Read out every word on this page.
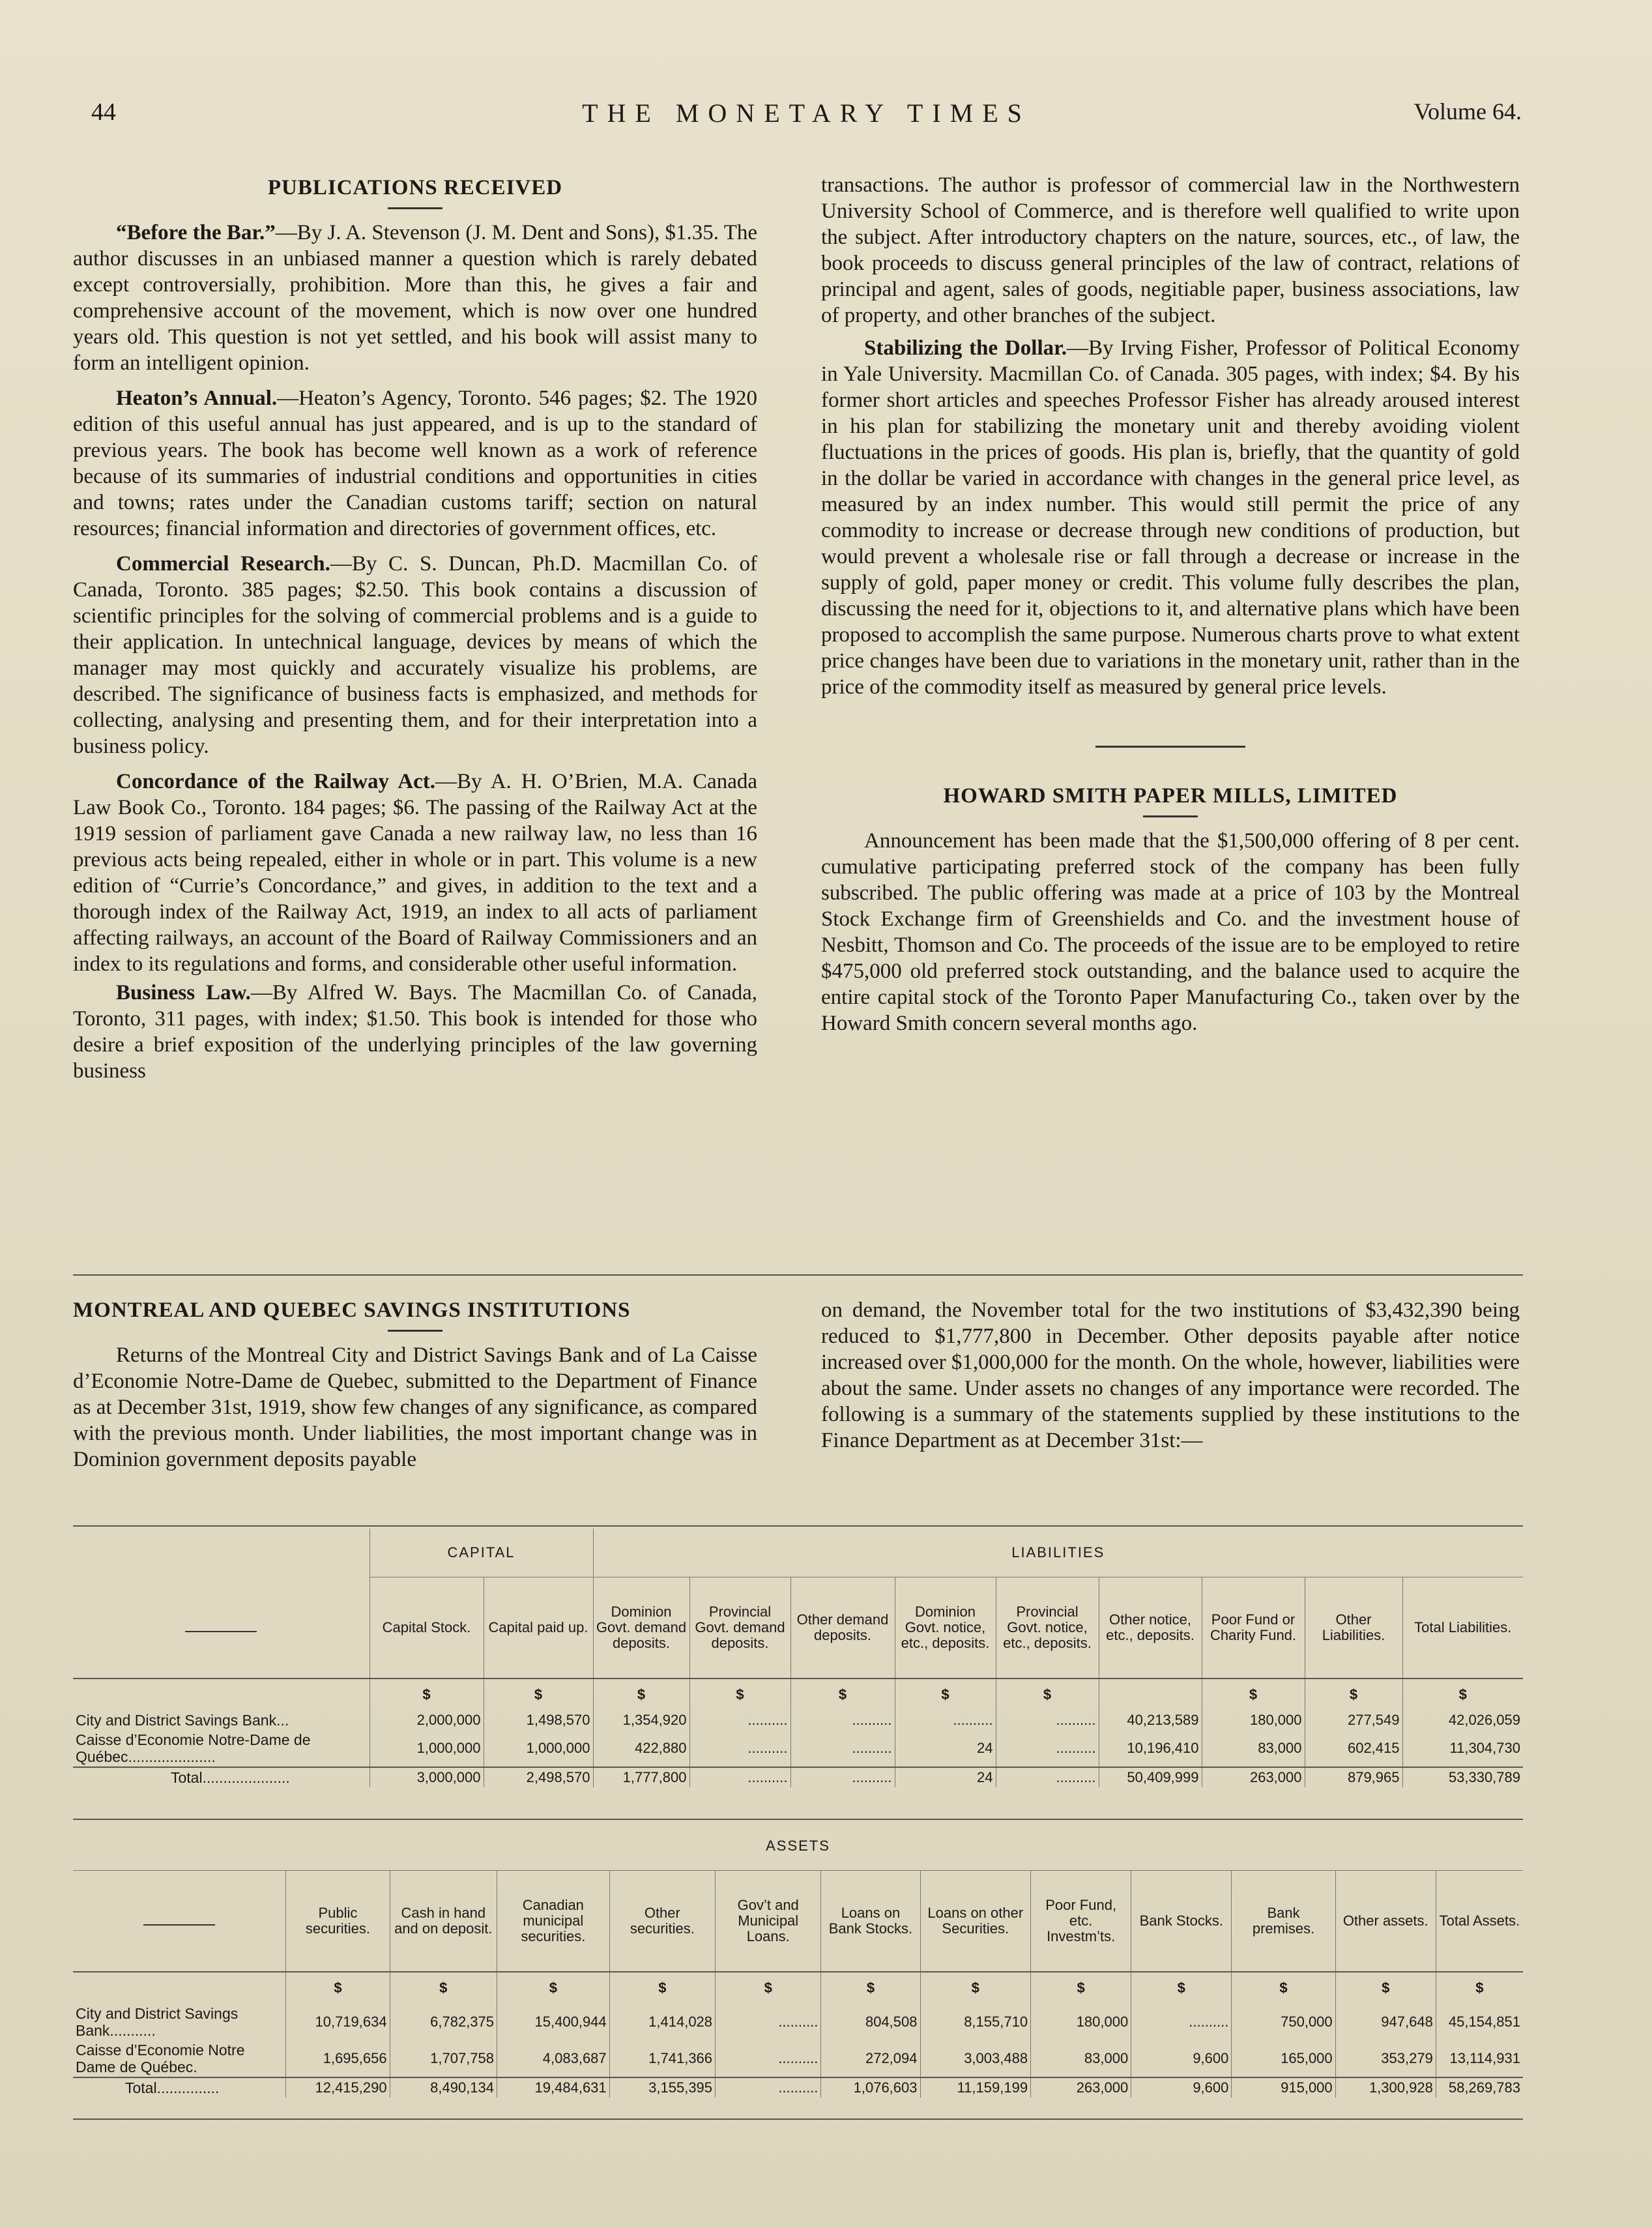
44	THE MONETARY TIMES	Volume 64.

PUBLICATIONS RECEIVED

“Before the Bar.”—By J. A. Stevenson (J. M. Dent and Sons), $1.35. The author discusses in an unbiased manner a question which is rarely debated except controversially, prohibition. More than this, he gives a fair and comprehensive account of the movement, which is now over one hundred years old. This question is not yet settled, and his book will assist many to form an intelligent opinion.

Heaton’s Annual.—Heaton’s Agency, Toronto. 546 pages; $2. The 1920 edition of this useful annual has just appeared, and is up to the standard of previous years. The book has become well known as a work of reference because of its summaries of industrial conditions and opportunities in cities and towns; rates under the Canadian customs tariff; section on natural resources; financial information and directories of government offices, etc.

Commercial Research.—By C. S. Duncan, Ph.D. Macmillan Co. of Canada, Toronto. 385 pages; $2.50. This book contains a discussion of scientific principles for the solving of commercial problems and is a guide to their application. In untechnical language, devices by means of which the manager may most quickly and accurately visualize his problems, are described. The significance of business facts is emphasized, and methods for collecting, analysing and presenting them, and for their interpretation into a business policy.

Concordance of the Railway Act.—By A. H. O’Brien, M.A. Canada Law Book Co., Toronto. 184 pages; $6. The passing of the Railway Act at the 1919 session of parliament gave Canada a new railway law, no less than 16 previous acts being repealed, either in whole or in part. This volume is a new edition of “Currie’s Concordance,” and gives, in addition to the text and a thorough index of the Railway Act, 1919, an index to all acts of parliament affecting railways, an account of the Board of Railway Commissioners and an index to its regulations and forms, and considerable other useful information.

Business Law.—By Alfred W. Bays. The Macmillan Co. of Canada, Toronto, 311 pages, with index; $1.50. This book is intended for those who desire a brief exposition of the underlying principles of the law governing business

transactions. The author is professor of commercial law in the Northwestern University School of Commerce, and is therefore well qualified to write upon the subject. After introductory chapters on the nature, sources, etc., of law, the book proceeds to discuss general principles of the law of contract, relations of principal and agent, sales of goods, negitiable paper, business associations, law of property, and other branches of the subject.

Stabilizing the Dollar.—By Irving Fisher, Professor of Political Economy in Yale University. Macmillan Co. of Canada. 305 pages, with index; $4. By his former short articles and speeches Professor Fisher has already aroused interest in his plan for stabilizing the monetary unit and thereby avoiding violent fluctuations in the prices of goods. His plan is, briefly, that the quantity of gold in the dollar be varied in accordance with changes in the general price level, as measured by an index number. This would still permit the price of any commodity to increase or decrease through new conditions of production, but would prevent a wholesale rise or fall through a decrease or increase in the supply of gold, paper money or credit. This volume fully describes the plan, discussing the need for it, objections to it, and alternative plans which have been proposed to accomplish the same purpose. Numerous charts prove to what extent price changes have been due to variations in the monetary unit, rather than in the price of the commodity itself as measured by general price levels.

HOWARD SMITH PAPER MILLS, LIMITED

Announcement has been made that the $1,500,000 offering of 8 per cent. cumulative participating preferred stock of the company has been fully subscribed. The public offering was made at a price of 103 by the Montreal Stock Exchange firm of Greenshields and Co. and the investment house of Nesbitt, Thomson and Co. The proceeds of the issue are to be employed to retire $475,000 old preferred stock outstanding, and the balance used to acquire the entire capital stock of the Toronto Paper Manufacturing Co., taken over by the Howard Smith concern several months ago.

MONTREAL AND QUEBEC SAVINGS INSTITUTIONS

Returns of the Montreal City and District Savings Bank and of La Caisse d’Economie Notre-Dame de Quebec, submitted to the Department of Finance as at December 31st, 1919, show few changes of any significance, as compared with the previous month. Under liabilities, the most important change was in Dominion government deposits payable

on demand, the November total for the two institutions of $3,432,390 being reduced to $1,777,800 in December. Other deposits payable after notice increased over $1,000,000 for the month. On the whole, however, liabilities were about the same. Under assets no changes of any importance were recorded. The following is a summary of the statements supplied by these institutions to the Finance Department as at December 31st:—

	CAPITAL		LIABILITIES								
	Capital Stock.	Capital paid up.	Dominion Govt. demand deposits.	Provincial Govt. demand deposits.	Other demand deposits.	Dominion Govt. notice, etc., deposits.	Provincial Govt. notice, etc., deposits.	Other notice, etc., deposits.	Poor Fund or Charity Fund.	Other Liabilities.	Total Liabilities.
	$	$	$	$	$	$	$		$	$	$
City and District Savings Bank...	2,000,000	1,498,570	1,354,920	..........	..........	..........	..........	40,213,589	180,000	277,549	42,026,059
Caisse d’Economie Notre-Dame de Québec.....................	1,000,000	1,000,000	422,880	..........	..........	24	..........	10,196,410	83,000	602,415	11,304,730
Total.....................	3,000,000	2,498,570	1,777,800	..........	..........	24	..........	50,409,999	263,000	879,965	53,330,789
ASSETS												
	Public securities.	Cash in hand and on deposit.	Canadian municipal securities.	Other securities.	Gov’t and Municipal Loans.	Loans on Bank Stocks.	Loans on other Securities.	Poor Fund, etc. Investm’ts.	Bank Stocks.	Bank premises.	Other assets.	Total Assets.
	$	$	$	$	$	$	$	$	$	$	$	$
City and District Savings Bank...........	10,719,634	6,782,375	15,400,944	1,414,028	..........	804,508	8,155,710	180,000	..........	750,000	947,648	45,154,851
Caisse d’Economie Notre Dame de Québec.	1,695,656	1,707,758	4,083,687	1,741,366	..........	272,094	3,003,488	83,000	9,600	165,000	353,279	13,114,931
Total...............	12,415,290	8,490,134	19,484,631	3,155,395	..........	1,076,603	11,159,199	263,000	9,600	915,000	1,300,928	58,269,783
